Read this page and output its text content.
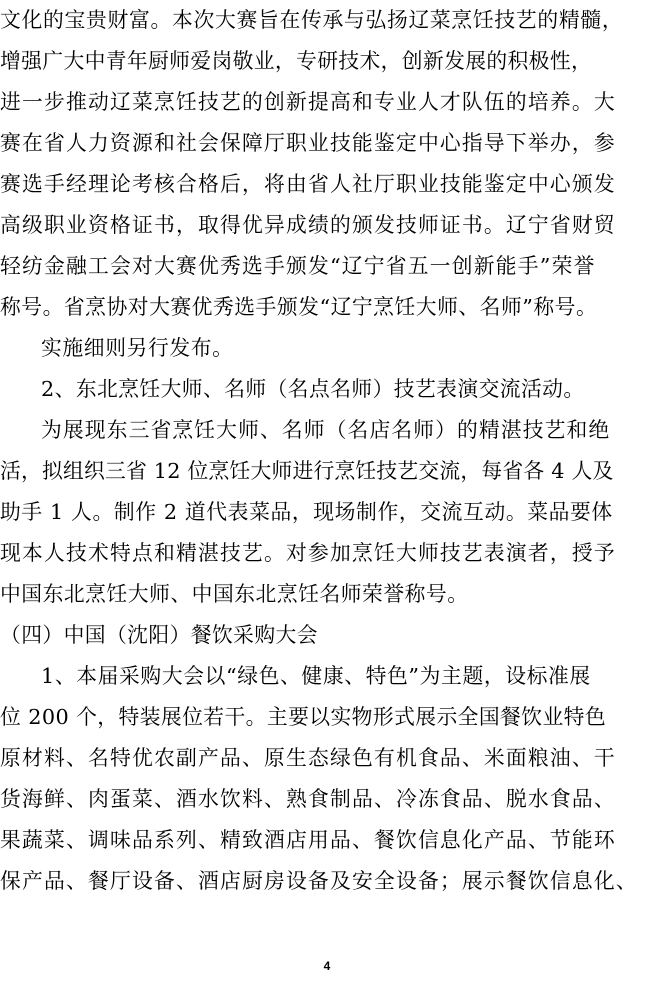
文化的宝贵财富。本次大赛旨在传承与弘扬辽菜烹饪技艺的精髓，
增强广大中青年厨师爱岗敬业，专研技术，创新发展的积极性，
进一步推动辽菜烹饪技艺的创新提高和专业人才队伍的培养。大
赛在省人力资源和社会保障厅职业技能鉴定中心指导下举办，参
赛选手经理论考核合格后，将由省人社厅职业技能鉴定中心颁发
高级职业资格证书，取得优异成绩的颁发技师证书。辽宁省财贸
轻纺金融工会对大赛优秀选手颁发“辽宁省五一创新能手”荣誉
称号。省烹协对大赛优秀选手颁发“辽宁烹饪大师、名师”称号。
实施细则另行发布。
2、东北烹饪大师、名师（名点名师）技艺表演交流活动。
为展现东三省烹饪大师、名师（名店名师）的精湛技艺和绝
活，拟组织三省 12 位烹饪大师进行烹饪技艺交流，每省各 4 人及
助手 1 人。制作 2 道代表菜品，现场制作，交流互动。菜品要体
现本人技术特点和精湛技艺。对参加烹饪大师技艺表演者，授予
中国东北烹饪大师、中国东北烹饪名师荣誉称号。
（四）中国（沈阳）餐饮采购大会
1、本届采购大会以“绿色、健康、特色”为主题，设标准展
位 200 个，特装展位若干。主要以实物形式展示全国餐饮业特色
原材料、名特优农副产品、原生态绿色有机食品、米面粮油、干
货海鲜、肉蛋菜、酒水饮料、熟食制品、冷冻食品、脱水食品、
果蔬菜、调味品系列、精致酒店用品、餐饮信息化产品、节能环
保产品、餐厅设备、酒店厨房设备及安全设备；展示餐饮信息化、
4
